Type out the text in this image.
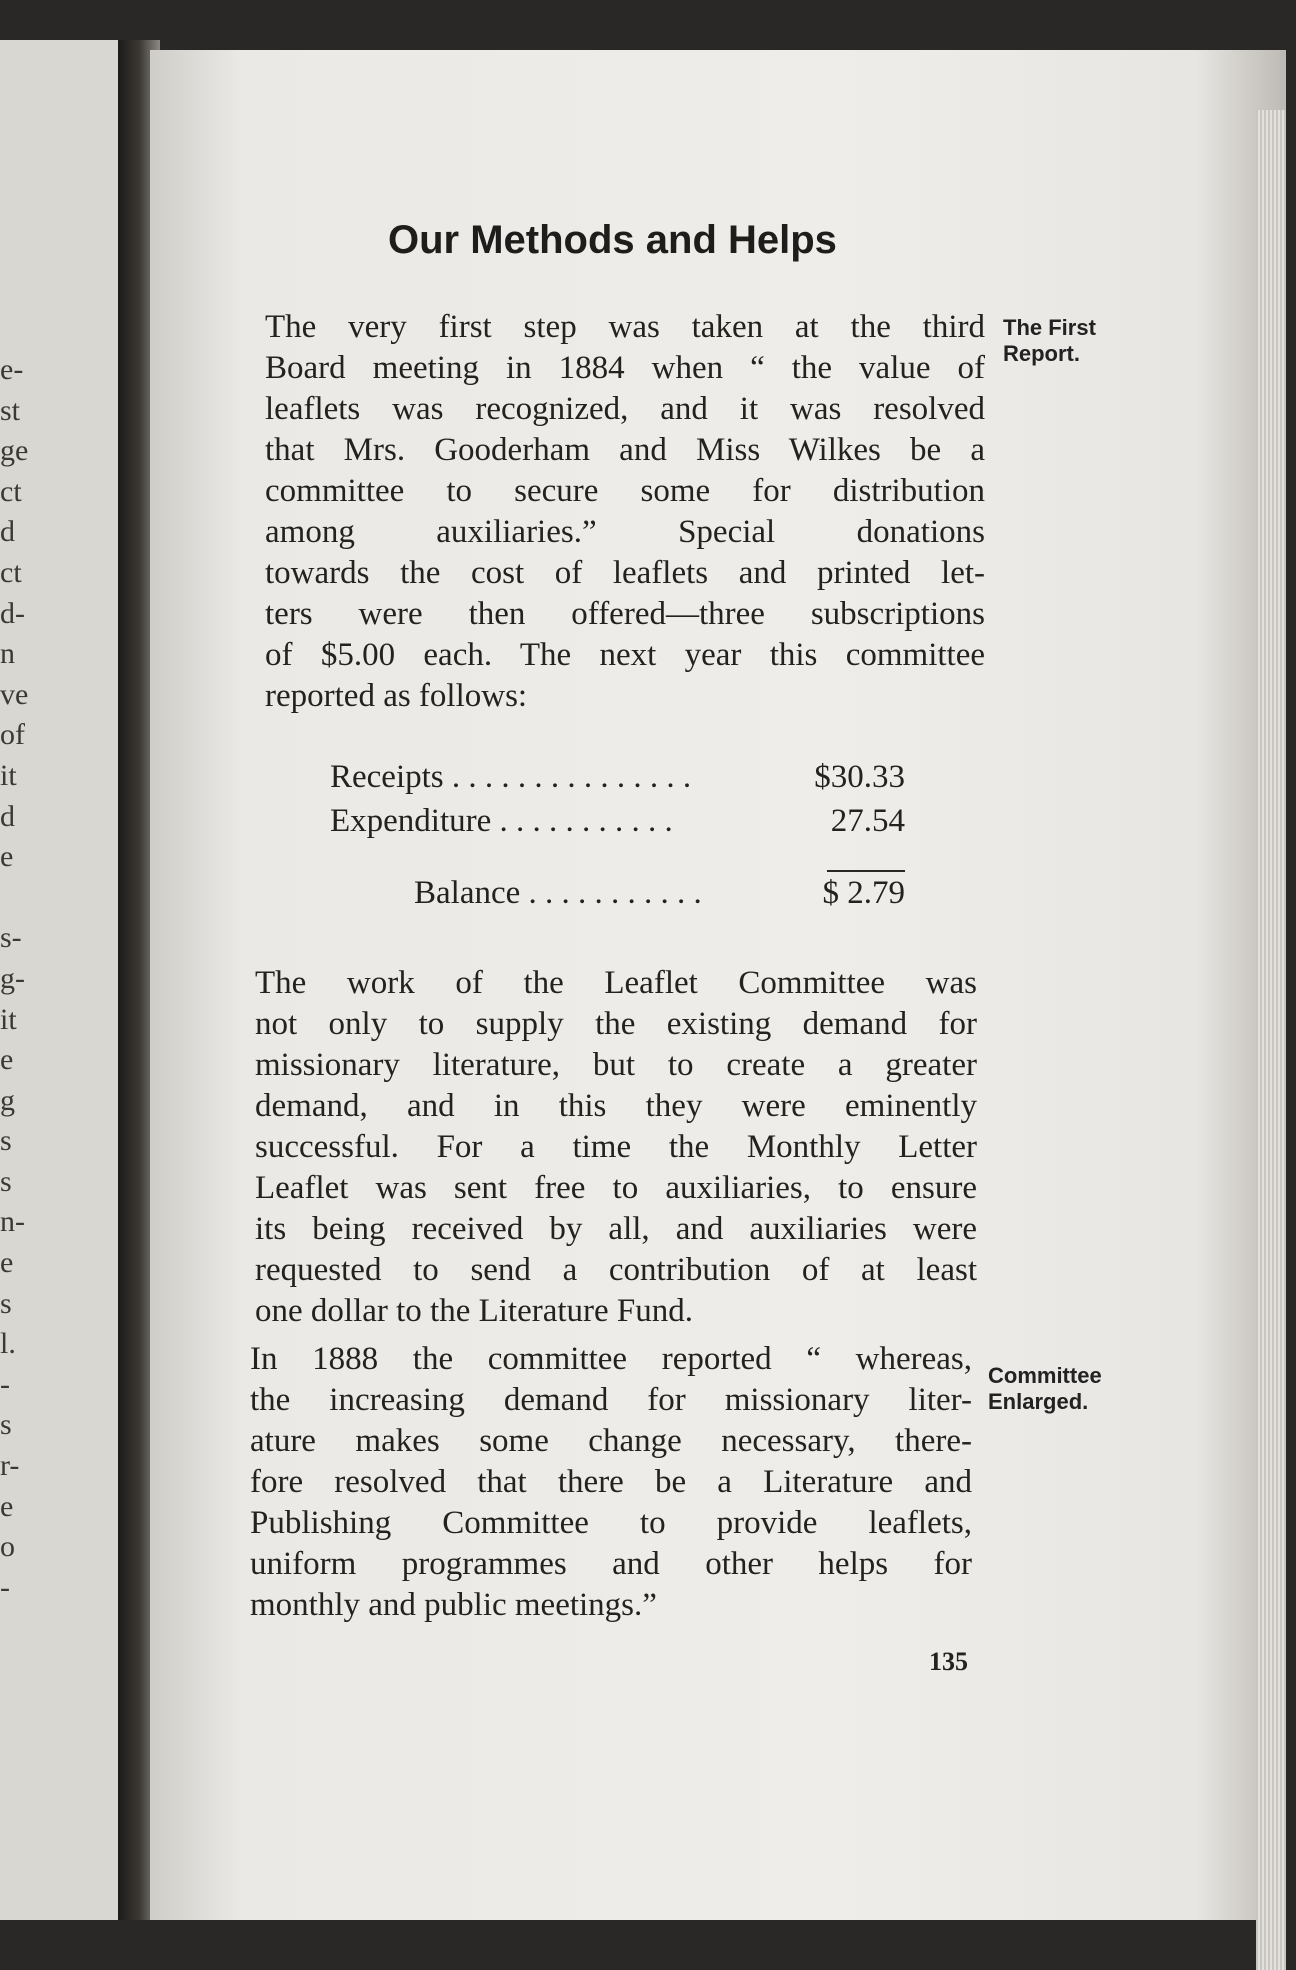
e-
st
ge
ct
d
ct
d-
n
ve
of
it
d
e
s-
g-
it
e
g
s
s
n-
e
s
l.
-
s
r-
e
o
-
Our Methods and Helps
The very first step was taken at the third
Board meeting in 1884 when “ the value of
leaflets was recognized, and it was resolved
that Mrs. Gooderham and Miss Wilkes be a
committee to secure some for distribution
among auxiliaries.” Special donations
towards the cost of leaflets and printed let-
ters were then offered—three subscriptions
of $5.00 each. The next year this committee
reported as follows:
Receipts . . . . . . . . . . . . . . .	$30.33
Expenditure . . . . . . . . . . .	27.54
Balance . . . . . . . . . . .	$ 2.79
The work of the Leaflet Committee was
not only to supply the existing demand for
missionary literature, but to create a greater
demand, and in this they were eminently
successful. For a time the Monthly Letter
Leaflet was sent free to auxiliaries, to ensure
its being received by all, and auxiliaries were
requested to send a contribution of at least
one dollar to the Literature Fund.
In 1888 the committee reported “ whereas,
the increasing demand for missionary liter-
ature makes some change necessary, there-
fore resolved that there be a Literature and
Publishing Committee to provide leaflets,
uniform programmes and other helps for
monthly and public meetings.”
The First
Report.
Committee
Enlarged.
135
